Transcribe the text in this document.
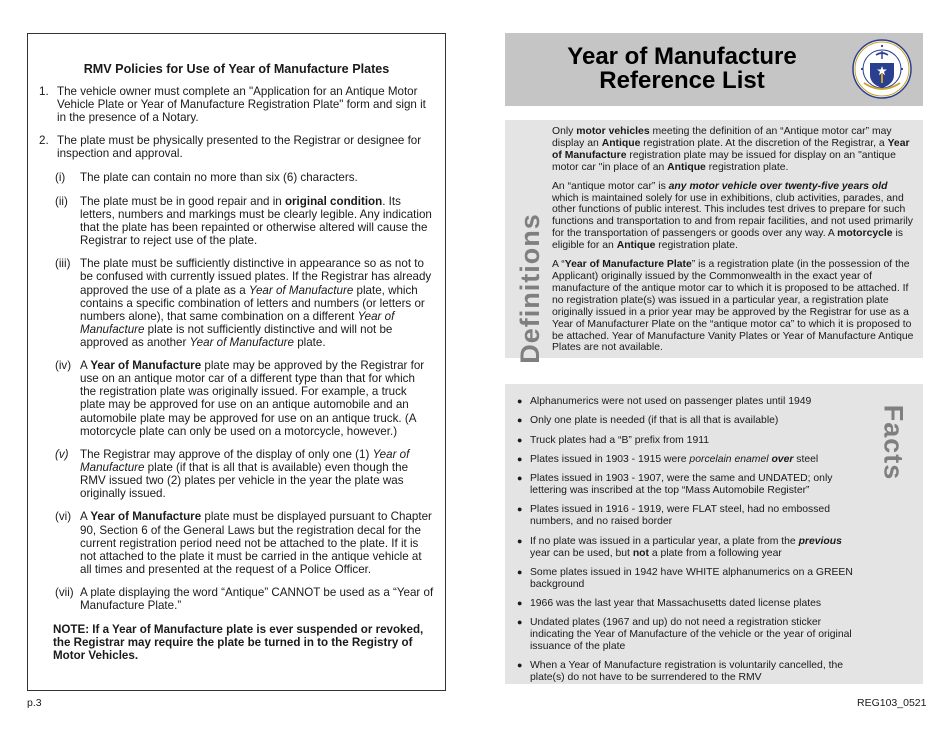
RMV Policies for Use of Year of Manufacture Plates
1. The vehicle owner must complete an "Application for an Antique Motor Vehicle Plate or Year of Manufacture Registration Plate" form and sign it in the presence of a Notary.
2. The plate must be physically presented to the Registrar or designee for inspection and approval.
(i)	The plate can contain no more than six (6) characters.
(ii)	The plate must be in good repair and in original condition. Its letters, numbers and markings must be clearly legible. Any indication that the plate has been repainted or otherwise altered will cause the Registrar to reject use of the plate.
(iii) The plate must be sufficiently distinctive in appearance so as not to be confused with currently issued plates. If the Registrar has already approved the use of a plate as a Year of Manufacture plate, which contains a specific combination of letters and numbers (or letters or numbers alone), that same combination on a different Year of Manufacture plate is not sufficiently distinctive and will not be approved as another Year of Manufacture plate.
(iv) A Year of Manufacture plate may be approved by the Registrar for use on an antique motor car of a different type than that for which the registration plate was originally issued. For example, a truck plate may be approved for use on an antique automobile and an automobile plate may be approved for use on an antique truck. (A motorcycle plate can only be used on a motorcycle, however.)
(v) The Registrar may approve of the display of only one (1) Year of Manufacture plate (if that is all that is available) even though the RMV issued two (2) plates per vehicle in the year the plate was originally issued.
(vi) A Year of Manufacture plate must be displayed pursuant to Chapter 90, Section 6 of the General Laws but the registration decal for the current registration period need not be attached to the plate. If it is not attached to the plate it must be carried in the antique vehicle at all times and presented at the request of a Police Officer.
(vii) A plate displaying the word “Antique” CANNOT be used as a “Year of Manufacture Plate.”
NOTE: If a Year of Manufacture plate is ever suspended or revoked, the Registrar may require the plate be turned in to the Registry of Motor Vehicles.
p.3
Year of Manufacture
Reference List
Definitions

Only motor vehicles meeting the definition of an “Antique motor car” may display an Antique registration plate. At the discretion of the Registrar, a Year of Manufacture registration plate may be issued for display on an "antique motor car "in place of an Antique registration plate.

An “antique motor car” is any motor vehicle over twenty-five years old which is maintained solely for use in exhibitions, club activities, parades, and other functions of public interest. This includes test drives to prepare for such functions and transportation to and from repair facilities, and not used primarily for the transportation of passengers or goods over any way. A motorcycle is eligible for an Antique registration plate.

A “Year of Manufacture Plate” is a registration plate (in the possession of the Applicant) originally issued by the Commonwealth in the exact year of manufacture of the antique motor car to which it is proposed to be attached. If no registration plate(s) was issued in a particular year, a registration plate originally issued in a prior year may be approved by the Registrar for use as a Year of Manufacturer Plate on the “antique motor ca” to which it is proposed to be attached. Year of Manufacture Vanity Plates or Year of Manufacture Antique Plates are not available.

Facts
● Alphanumerics were not used on passenger plates until 1949
● Only one plate is needed (if that is all that is available)
● Truck plates had a “B” prefix from 1911
● Plates issued in 1903 - 1915 were porcelain enamel over steel
● Plates issued in 1903 - 1907, were the same and UNDATED; only lettering was inscribed at the top “Mass Automobile Register”
● Plates issued in 1916 - 1919, were FLAT steel, had no embossed numbers, and no raised border
● If no plate was issued in a particular year, a plate from the previous year can be used, but not a plate from a following year
● Some plates issued in 1942 have WHITE alphanumerics on a GREEN background
● 1966 was the last year that Massachusetts dated license plates
● Undated plates (1967 and up) do not need a registration sticker indicating the Year of Manufacture of the vehicle or the year of original issuance of the plate
● When a Year of Manufacture registration is voluntarily cancelled, the plate(s) do not have to be surrendered to the RMV
REG103_0521
